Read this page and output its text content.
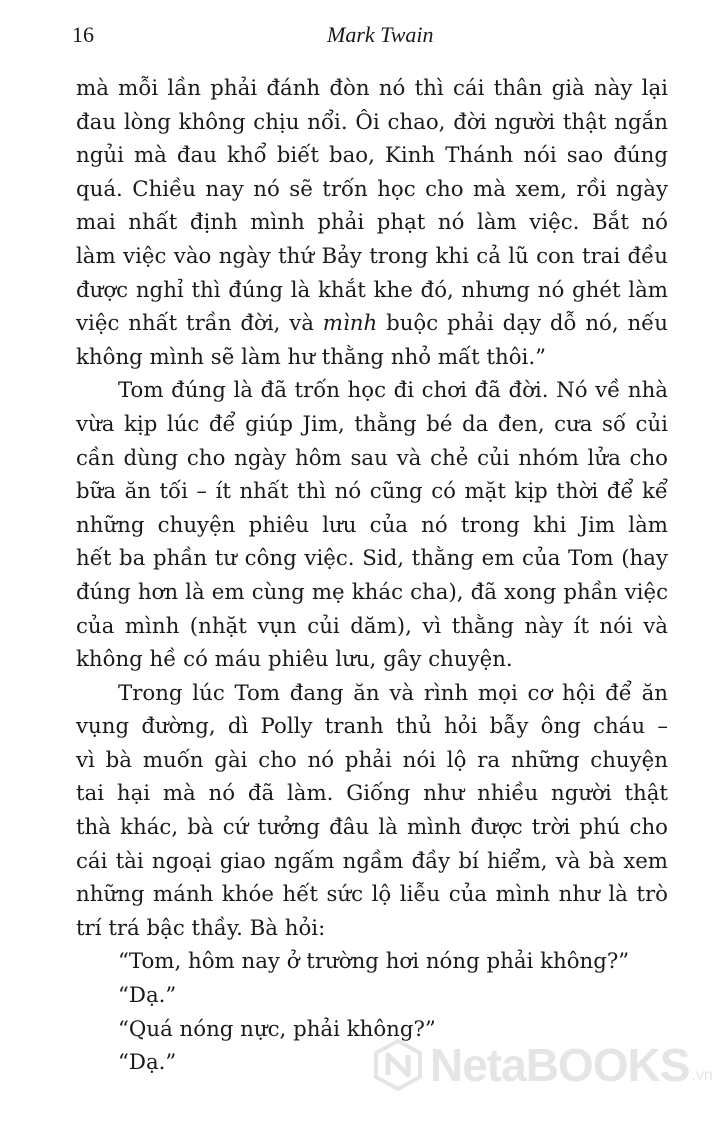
16	Mark Twain
mà mỗi lần phải đánh đòn nó thì cái thân già này lại
đau lòng không chịu nổi. Ôi chao, đời người thật ngắn
ngủi mà đau khổ biết bao, Kinh Thánh nói sao đúng
quá. Chiều nay nó sẽ trốn học cho mà xem, rồi ngày
mai nhất định mình phải phạt nó làm việc. Bắt nó
làm việc vào ngày thứ Bảy trong khi cả lũ con trai đều
được nghỉ thì đúng là khắt khe đó, nhưng nó ghét làm
việc nhất trần đời, và mình buộc phải dạy dỗ nó, nếu
không mình sẽ làm hư thằng nhỏ mất thôi.”
Tom đúng là đã trốn học đi chơi đã đời. Nó về nhà
vừa kịp lúc để giúp Jim, thằng bé da đen, cưa số củi
cần dùng cho ngày hôm sau và chẻ củi nhóm lửa cho
bữa ăn tối – ít nhất thì nó cũng có mặt kịp thời để kể
những chuyện phiêu lưu của nó trong khi Jim làm
hết ba phần tư công việc. Sid, thằng em của Tom (hay
đúng hơn là em cùng mẹ khác cha), đã xong phần việc
của mình (nhặt vụn củi dăm), vì thằng này ít nói và
không hề có máu phiêu lưu, gây chuyện.
Trong lúc Tom đang ăn và rình mọi cơ hội để ăn
vụng đường, dì Polly tranh thủ hỏi bẫy ông cháu –
vì bà muốn gài cho nó phải nói lộ ra những chuyện
tai hại mà nó đã làm. Giống như nhiều người thật
thà khác, bà cứ tưởng đâu là mình được trời phú cho
cái tài ngoại giao ngấm ngầm đầy bí hiểm, và bà xem
những mánh khóe hết sức lộ liễu của mình như là trò
trí trá bậc thầy. Bà hỏi:
“Tom, hôm nay ở trường hơi nóng phải không?”
“Dạ.”
“Quá nóng nực, phải không?”
“Dạ.”	NetaBOOKS .vn
